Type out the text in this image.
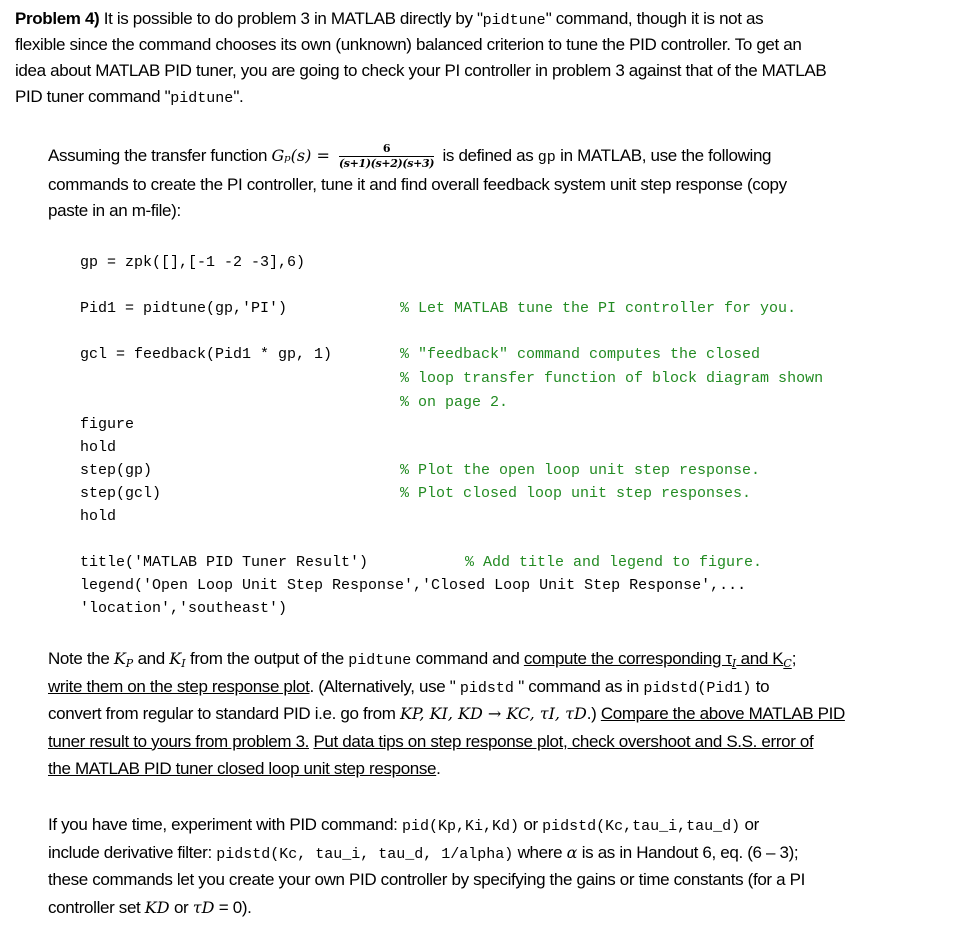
Problem 4) It is possible to do problem 3 in MATLAB directly by "pidtune" command, though it is not as
flexible since the command chooses its own (unknown) balanced criterion to tune the PID controller. To get an
idea about MATLAB PID tuner, you are going to check your PI controller in problem 3 against that of the MATLAB
PID tuner command "pidtune".
Assuming the transfer function $G_p(s) = \frac{6}{(s+1)(s+2)(s+3)}$ is defined as gp in MATLAB, use the following
commands to create the PI controller, tune it and find overall feedback system unit step response (copy
paste in an m-file):
gp = zpk([],[-1 -2 -3],6)
Pid1 = pidtune(gp,'PI')	% Let MATLAB tune the PI controller for you.
gcl = feedback(Pid1 * gp, 1)	% "feedback" command computes the closed
% loop transfer function of block diagram shown
% on page 2.
figure
hold
step(gp)	% Plot the open loop unit step response.
step(gcl)	% Plot closed loop unit step responses.
hold
title('MATLAB PID Tuner Result')	% Add title and legend to figure.
legend('Open Loop Unit Step Response','Closed Loop Unit Step Response',...
'location','southeast')
Note the KP and KI from the output of the pidtune command and compute the corresponding τI and KC;
write them on the step response plot. (Alternatively, use " pidstd " command as in pidstd(Pid1) to
convert from regular to standard PID i.e. go from KP, KI, KD → KC, τI, τD.) Compare the above MATLAB PID
tuner result to yours from problem 3. Put data tips on step response plot, check overshoot and S.S. error of
the MATLAB PID tuner closed loop unit step response.
If you have time, experiment with PID command: pid(Kp,Ki,Kd) or pidstd(Kc,tau_i,tau_d) or
include derivative filter: pidstd(Kc, tau_i, tau_d, 1/alpha) where α is as in Handout 6, eq. (6 – 3);
these commands let you create your own PID controller by specifying the gains or time constants (for a PI
controller set KD or τD = 0).
